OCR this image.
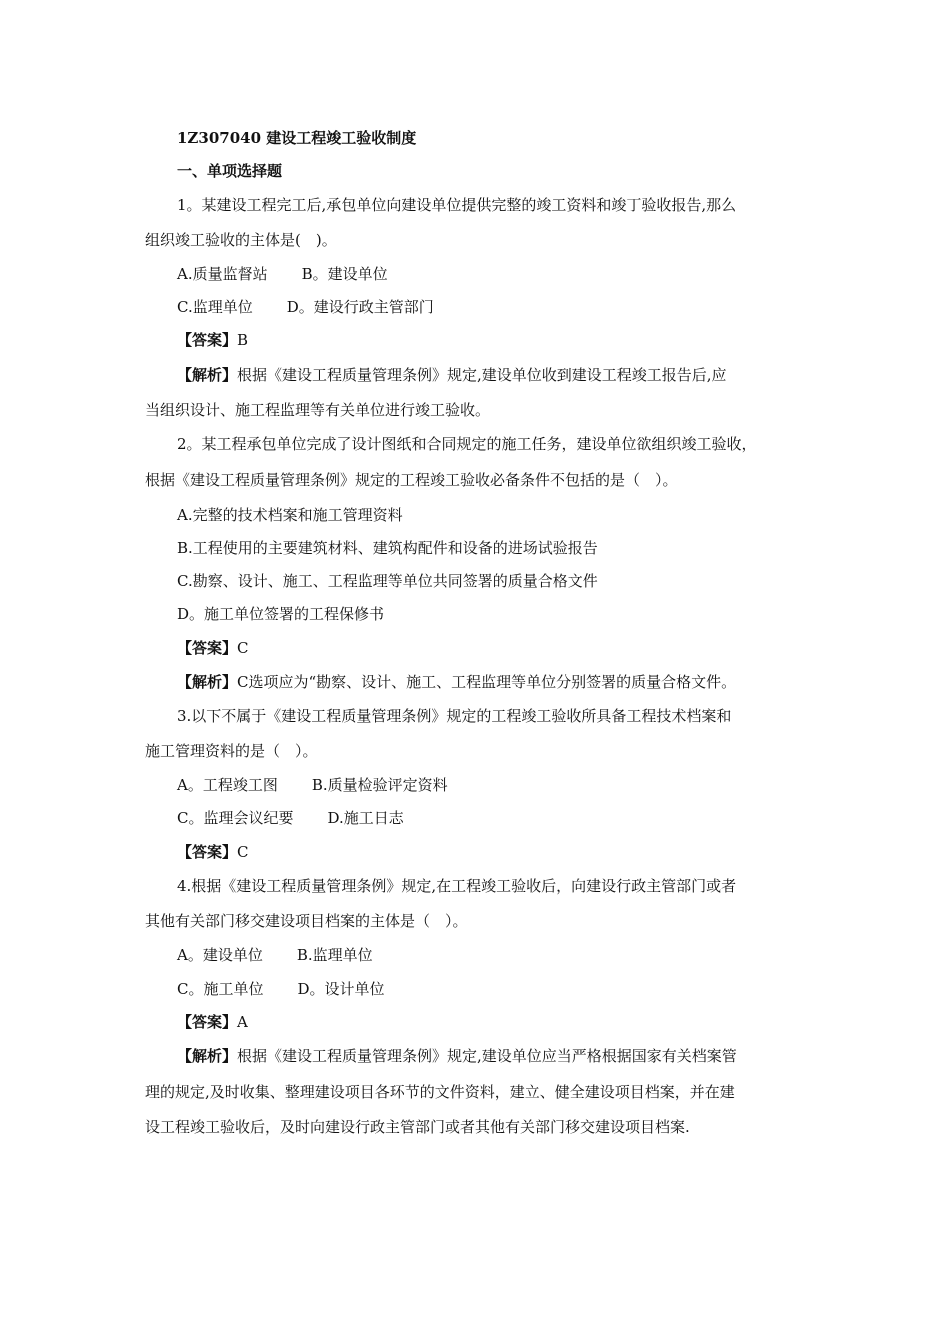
1Z307040 建设工程竣工验收制度
一、单项选择题
1。某建设工程完工后,承包单位向建设单位提供完整的竣工资料和竣丁验收报告,那么
组织竣工验收的主体是(　)。
A.质量监督站 B。建设单位
C.监理单位 D。建设行政主管部门
【答案】B
【解析】根据《建设工程质量管理条例》规定,建设单位收到建设工程竣工报告后,应
当组织设计、施工程监理等有关单位进行竣工验收。
2。某工程承包单位完成了设计图纸和合同规定的施工任务，建设单位欲组织竣工验收，
根据《建设工程质量管理条例》规定的工程竣工验收必备条件不包括的是（　）。
A.完整的技术档案和施工管理资料
B.工程使用的主要建筑材料、建筑构配件和设备的进场试验报告
C.勘察、设计、施工、工程监理等单位共同签署的质量合格文件
D。施工单位签署的工程保修书
【答案】C
【解析】C选项应为“勘察、设计、施工、工程监理等单位分别签署的质量合格文件。
3.以下不属于《建设工程质量管理条例》规定的工程竣工验收所具备工程技术档案和
施工管理资料的是（　）。
A。工程竣工图 B.质量检验评定资料
C。监理会议纪要 D.施工日志
【答案】C
4.根据《建设工程质量管理条例》规定,在工程竣工验收后，向建设行政主管部门或者
其他有关部门移交建设项目档案的主体是（　）。
A。建设单位 B.监理单位
C。施工单位 D。设计单位
【答案】A
【解析】根据《建设工程质量管理条例》规定,建设单位应当严格根据国家有关档案管
理的规定,及时收集、整理建设项目各环节的文件资料，建立、健全建设项目档案，并在建
设工程竣工验收后，及时向建设行政主管部门或者其他有关部门移交建设项目档案.
